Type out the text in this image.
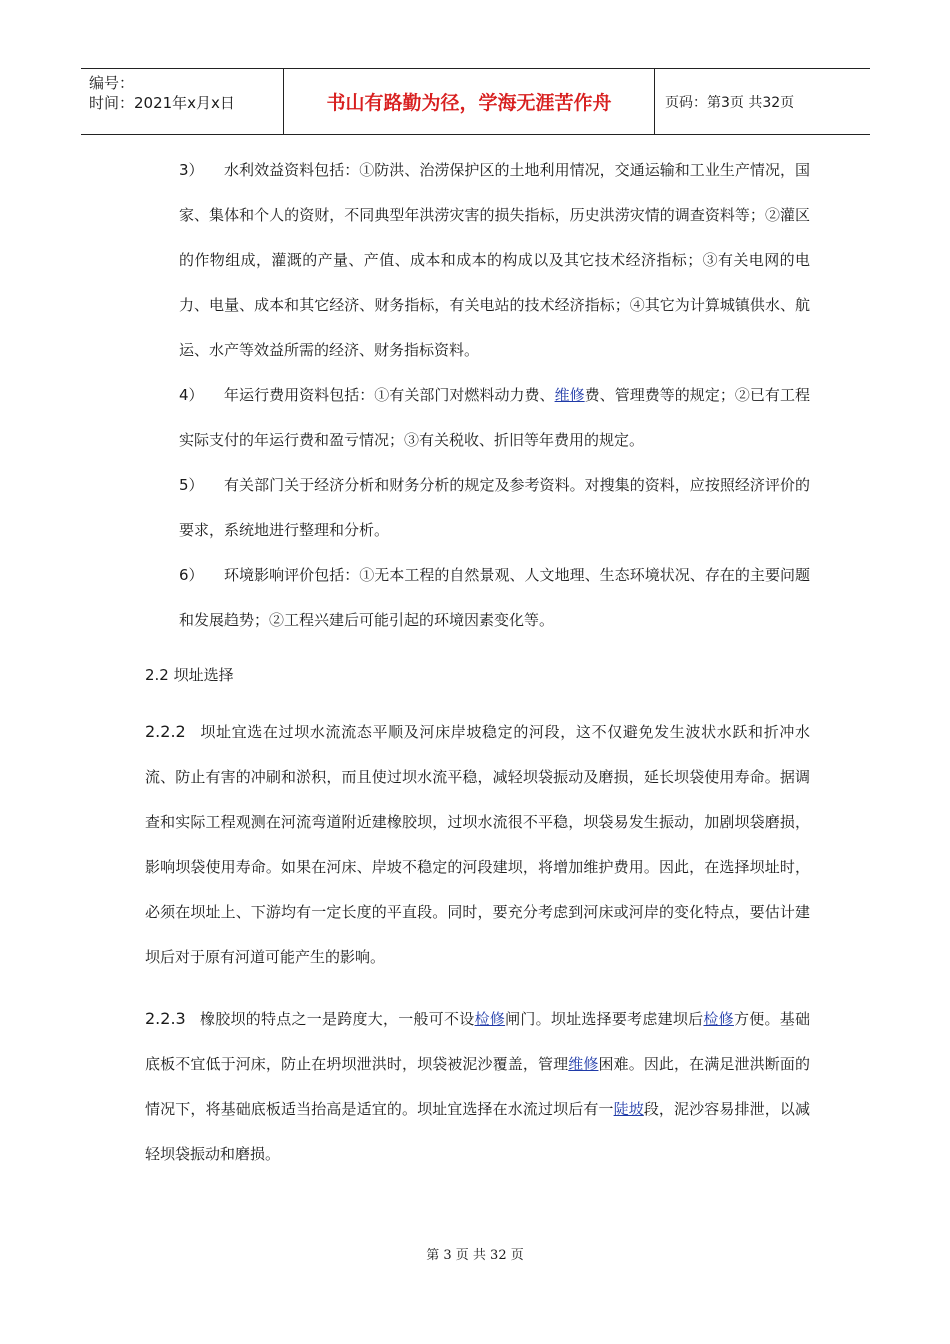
编号：
时间：2021年x月x日	书山有路勤为径，学海无涯苦作舟	页码：第3页 共32页

3） 水利效益资料包括：①防洪、治涝保护区的土地利用情况，交通运输和工业生产情况，国家、集体和个人的资财，不同典型年洪涝灾害的损失指标，历史洪涝灾情的调查资料等；②灌区的作物组成，灌溉的产量、产值、成本和成本的构成以及其它技术经济指标；③有关电网的电力、电量、成本和其它经济、财务指标，有关电站的技术经济指标；④其它为计算城镇供水、航运、水产等效益所需的经济、财务指标资料。

4） 年运行费用资料包括：①有关部门对燃料动力费、维修费、管理费等的规定；②已有工程实际支付的年运行费和盈亏情况；③有关税收、折旧等年费用的规定。

5） 有关部门关于经济分析和财务分析的规定及参考资料。对搜集的资料，应按照经济评价的要求，系统地进行整理和分析。

6） 环境影响评价包括：①无本工程的自然景观、人文地理、生态环境状况、存在的主要问题和发展趋势；②工程兴建后可能引起的环境因素变化等。

2.2 坝址选择

2.2.2 坝址宜选在过坝水流流态平顺及河床岸坡稳定的河段，这不仅避免发生波状水跃和折冲水流、防止有害的冲刷和淤积，而且使过坝水流平稳，减轻坝袋振动及磨损，延长坝袋使用寿命。据调查和实际工程观测在河流弯道附近建橡胶坝，过坝水流很不平稳，坝袋易发生振动，加剧坝袋磨损，影响坝袋使用寿命。如果在河床、岸坡不稳定的河段建坝，将增加维护费用。因此，在选择坝址时，必须在坝址上、下游均有一定长度的平直段。同时，要充分考虑到河床或河岸的变化特点，要估计建坝后对于原有河道可能产生的影响。

2.2.3 橡胶坝的特点之一是跨度大，一般可不设检修闸门。坝址选择要考虑建坝后检修方便。基础底板不宜低于河床，防止在坍坝泄洪时，坝袋被泥沙覆盖，管理维修困难。因此，在满足泄洪断面的情况下，将基础底板适当抬高是适宜的。坝址宜选择在水流过坝后有一陡坡段，泥沙容易排泄，以减轻坝袋振动和磨损。

第 3 页 共 32 页
